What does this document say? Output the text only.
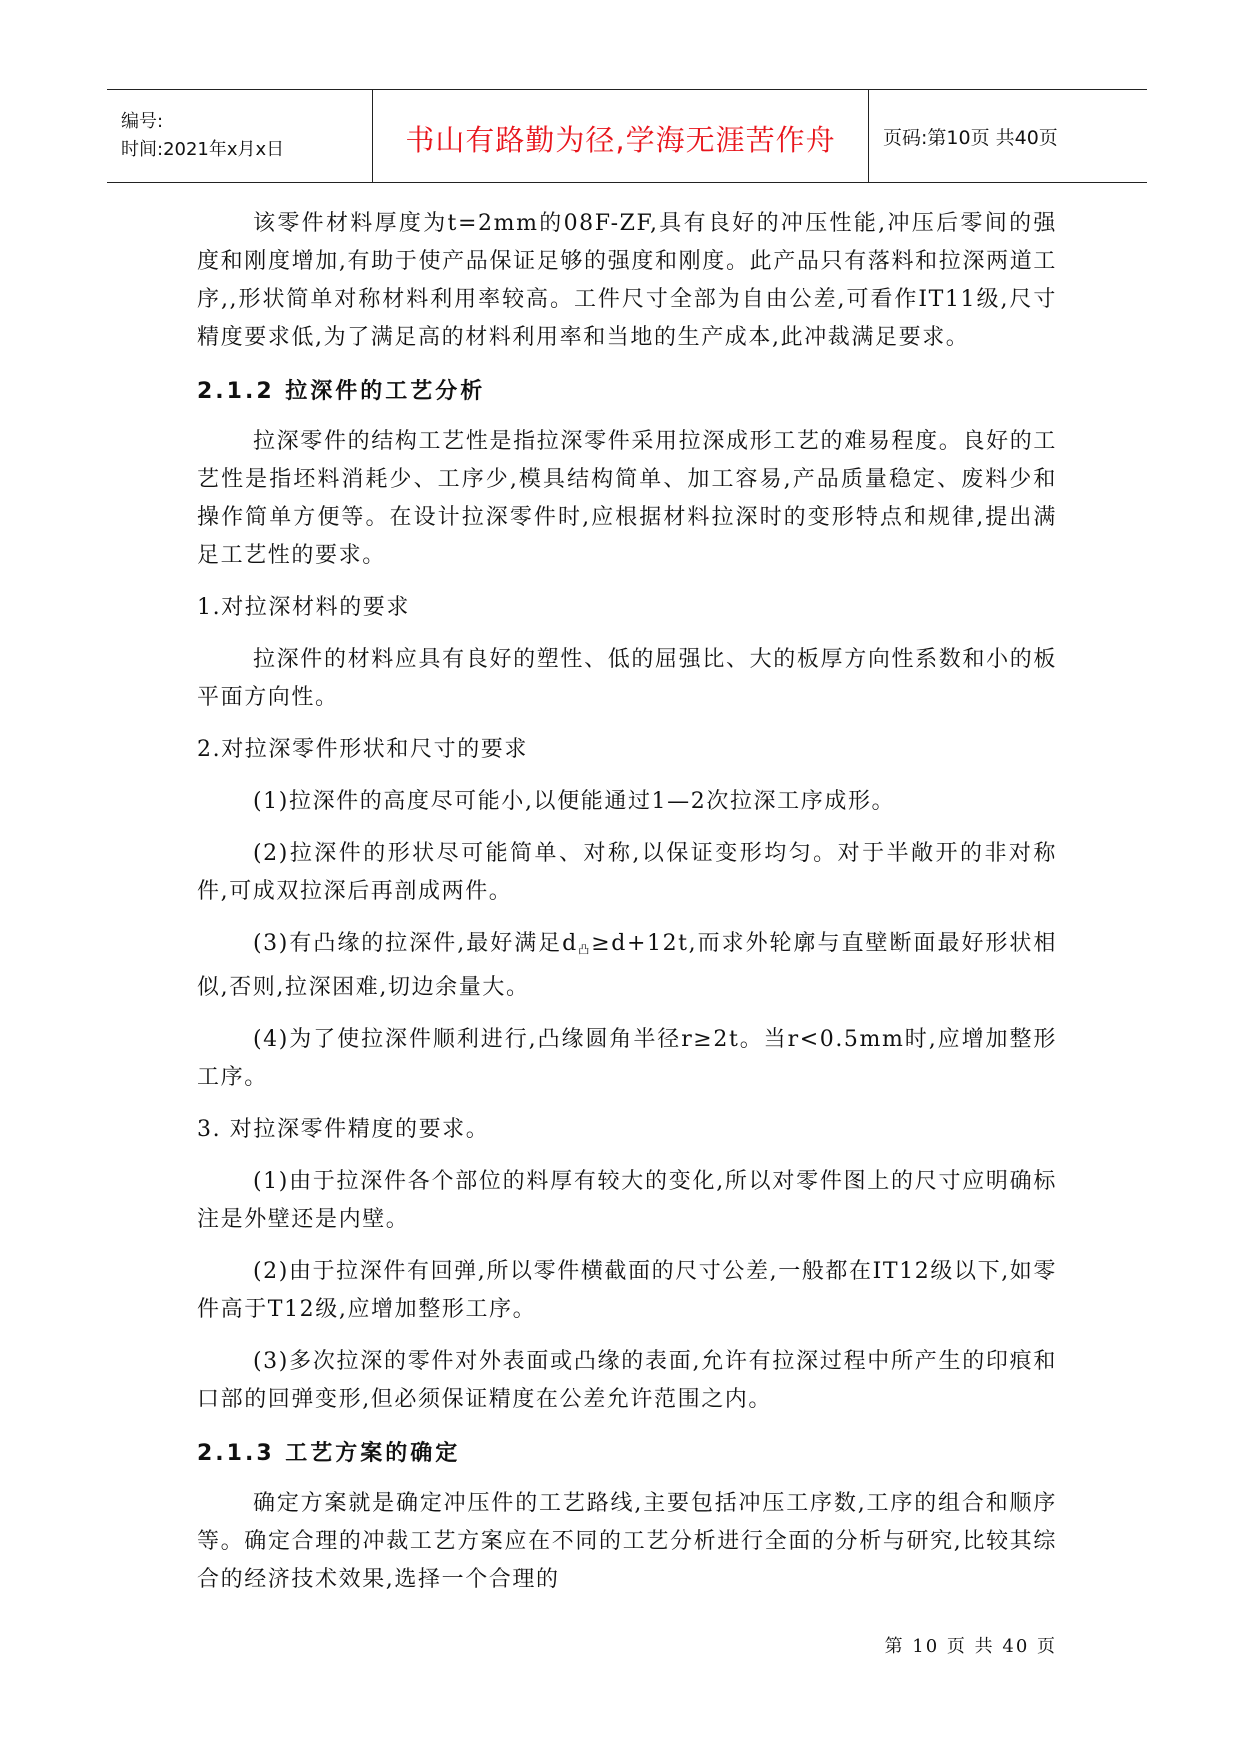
编号:
时间:2021年x月x日	书山有路勤为径,学海无涯苦作舟 页码:第10页 共40页

该零件材料厚度为t=2mm的08F-ZF,具有良好的冲压性能,冲压后零间的强度和刚度增加,有助于使产品保证足够的强度和刚度。此产品只有落料和拉深两道工序,,形状简单对称材料利用率较高。工件尺寸全部为自由公差,可看作IT11级,尺寸精度要求低,为了满足高的材料利用率和当地的生产成本,此冲裁满足要求。

2.1.2 拉深件的工艺分析

拉深零件的结构工艺性是指拉深零件采用拉深成形工艺的难易程度。良好的工艺性是指坯料消耗少、工序少,模具结构简单、加工容易,产品质量稳定、废料少和操作简单方便等。在设计拉深零件时,应根据材料拉深时的变形特点和规律,提出满足工艺性的要求。

1.对拉深材料的要求

拉深件的材料应具有良好的塑性、低的屈强比、大的板厚方向性系数和小的板平面方向性。

2.对拉深零件形状和尺寸的要求

(1)拉深件的高度尽可能小,以便能通过1—2次拉深工序成形。

(2)拉深件的形状尽可能简单、对称,以保证变形均匀。对于半敞开的非对称件,可成双拉深后再剖成两件。

(3)有凸缘的拉深件,最好满足$d_凸\ge d+12t$,而求外轮廓与直壁断面最好形状相似,否则,拉深困难,切边余量大。

(4)为了使拉深件顺利进行,凸缘圆角半径r≥2t。当r<0.5mm时,应增加整形工序。

3. 对拉深零件精度的要求。

(1)由于拉深件各个部位的料厚有较大的变化,所以对零件图上的尺寸应明确标注是外壁还是内壁。

(2)由于拉深件有回弹,所以零件横截面的尺寸公差,一般都在IT12级以下,如零件高于T12级,应增加整形工序。

(3)多次拉深的零件对外表面或凸缘的表面,允许有拉深过程中所产生的印痕和口部的回弹变形,但必须保证精度在公差允许范围之内。

2.1.3 工艺方案的确定

确定方案就是确定冲压件的工艺路线,主要包括冲压工序数,工序的组合和顺序等。确定合理的冲裁工艺方案应在不同的工艺分析进行全面的分析与研究,比较其综合的经济技术效果,选择一个合理的

第 10 页 共 40 页
